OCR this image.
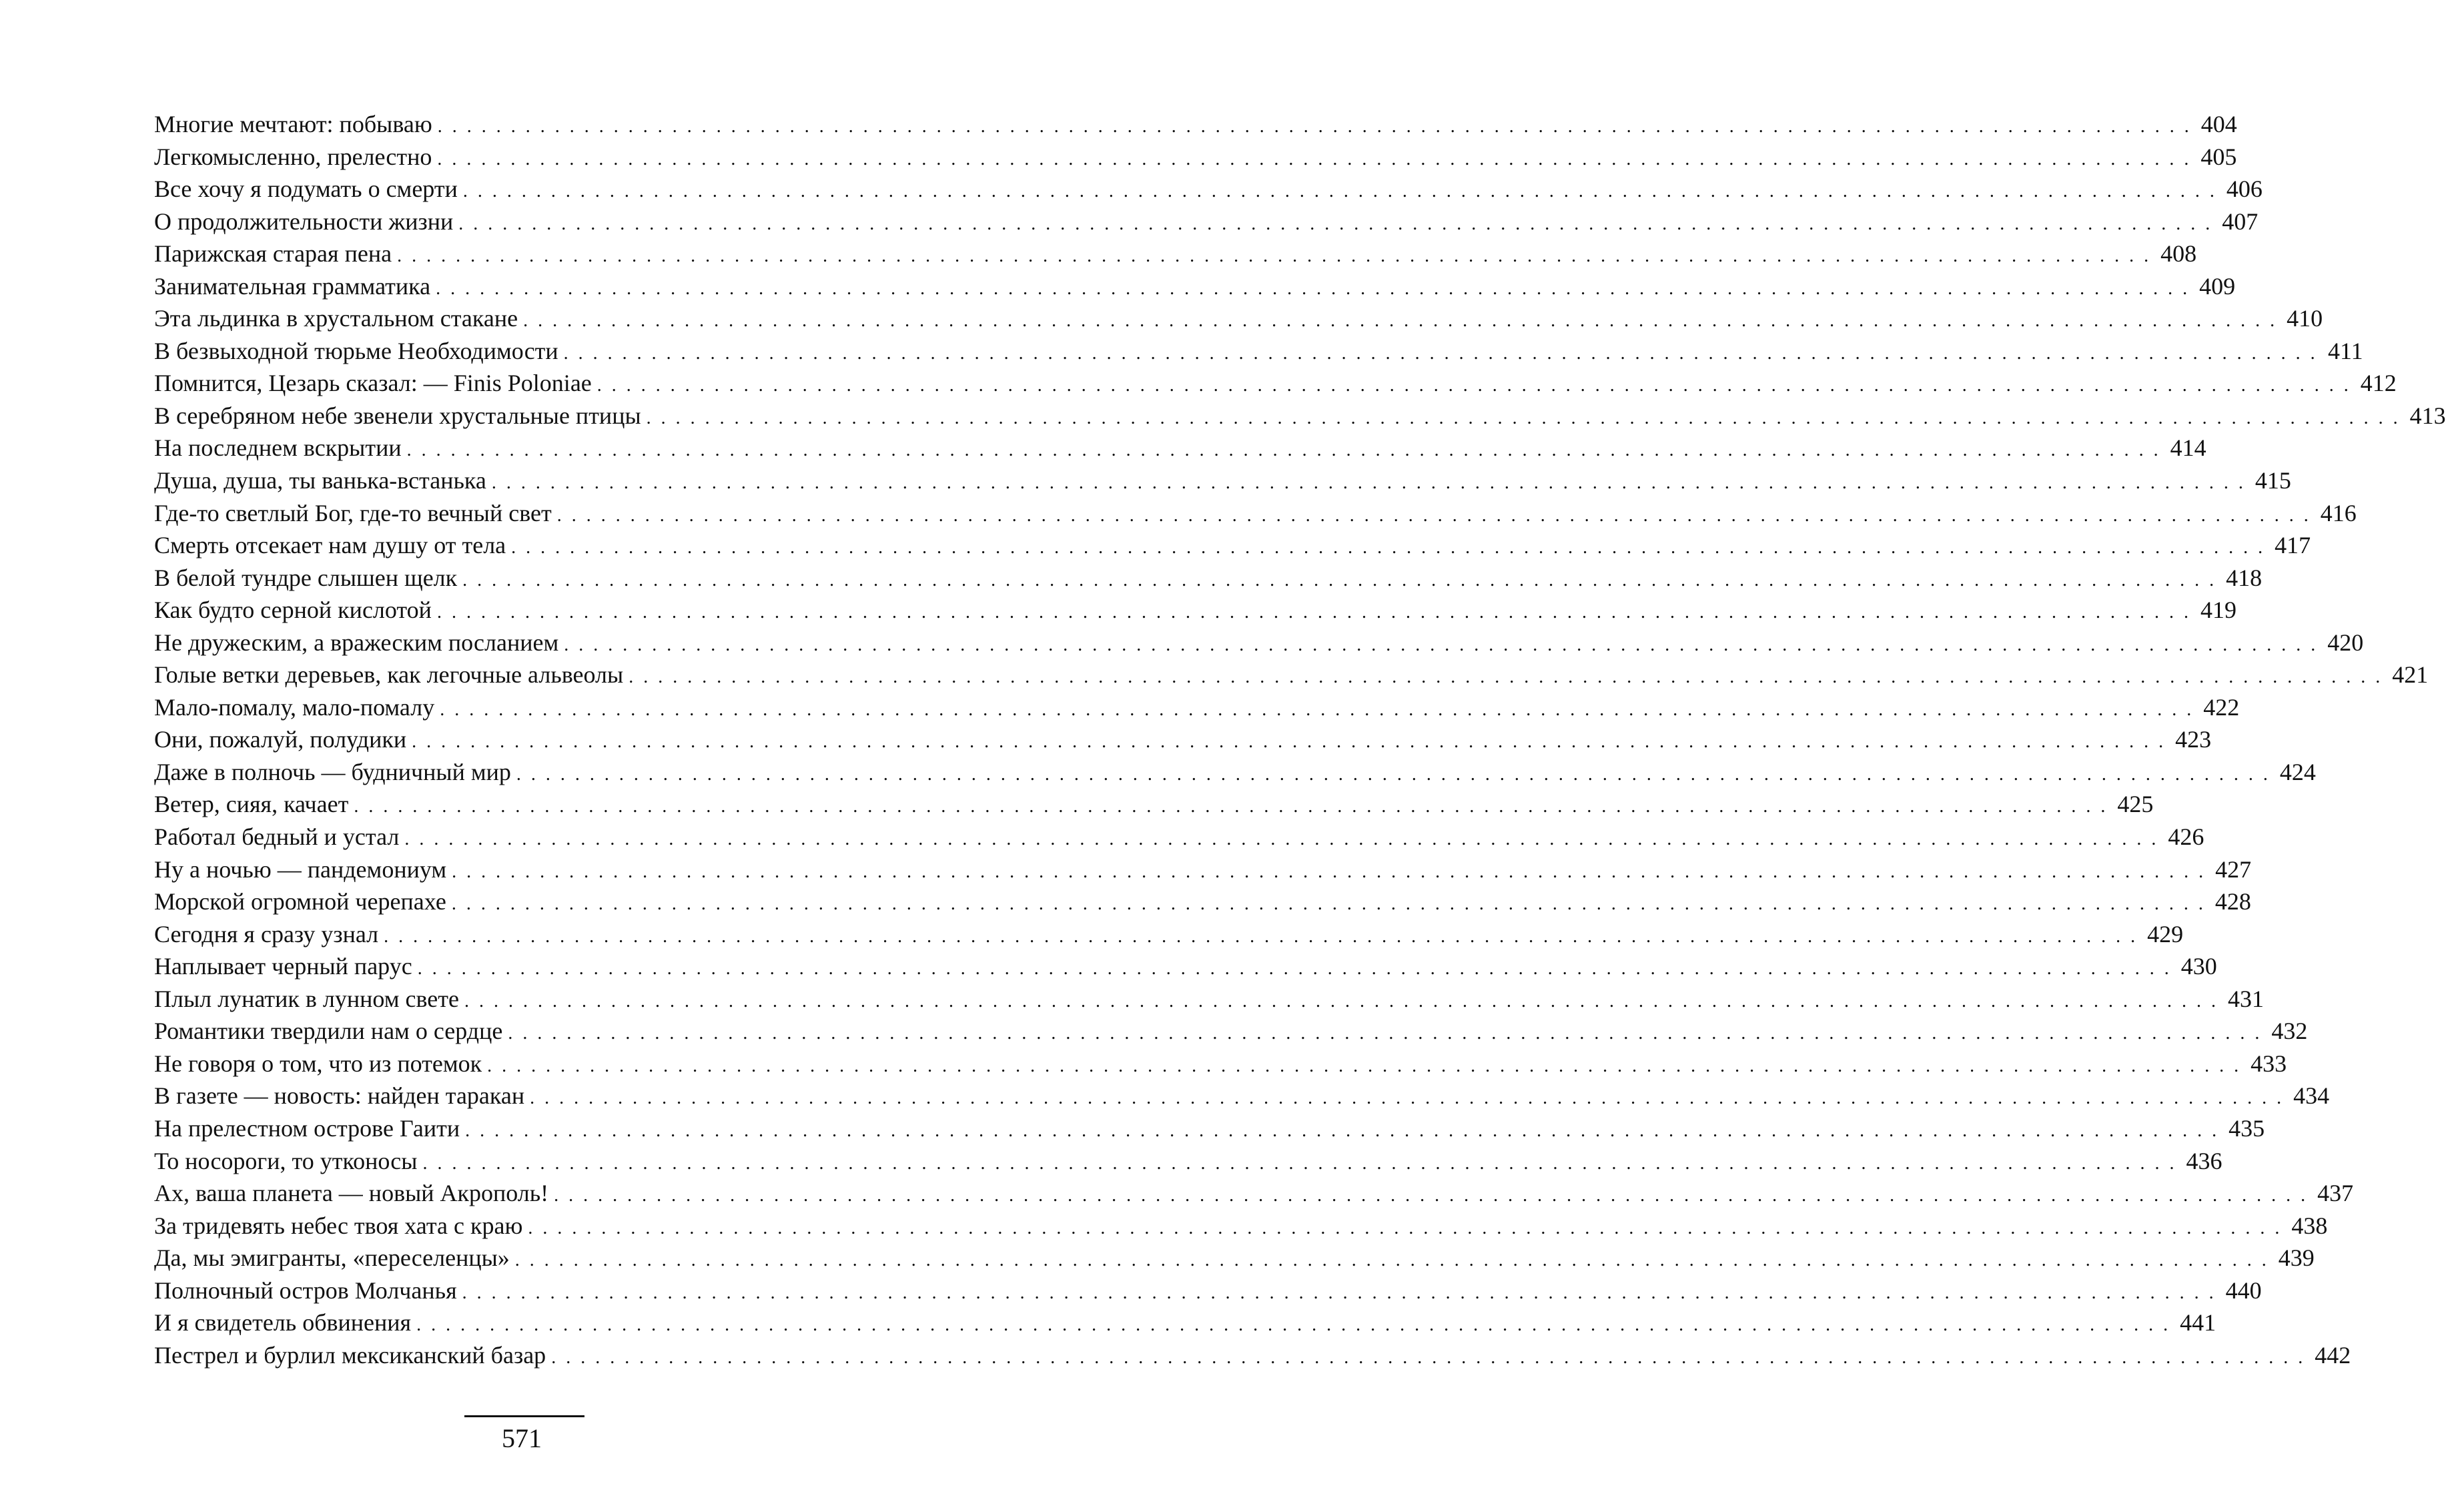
Многие мечтают: побываю . . . . . . . . . . . . . . . . . . . . . . . . . . . . . . . . . . . . . . . . . . . . . . . . . . . . . . . . . . . . . . . . . . . . . . . . . . . . . . . . . . . . . . . . . . . . . . . . . . . . . . . . . . . . . . . . . . . . . . . . 404
Легкомысленно, прелестно . . . . . . . . . . . . . . . . . . . . . . . . . . . . . . . . . . . . . . . . . . . . . . . . . . . . . . . . . . . . . . . . . . . . . . . . . . . . . . . . . . . . . . . . . . . . . . . . . . . . . . . . . . . . . . . . . . . . . . . . 405
Все хочу я подумать о смерти . . . . . . . . . . . . . . . . . . . . . . . . . . . . . . . . . . . . . . . . . . . . . . . . . . . . . . . . . . . . . . . . . . . . . . . . . . . . . . . . . . . . . . . . . . . . . . . . . . . . . . . . . . . . . . . . . . . . . . . . 406
О продолжительности жизни . . . . . . . . . . . . . . . . . . . . . . . . . . . . . . . . . . . . . . . . . . . . . . . . . . . . . . . . . . . . . . . . . . . . . . . . . . . . . . . . . . . . . . . . . . . . . . . . . . . . . . . . . . . . . . . . . . . . . . . . 407
Парижская старая пена . . . . . . . . . . . . . . . . . . . . . . . . . . . . . . . . . . . . . . . . . . . . . . . . . . . . . . . . . . . . . . . . . . . . . . . . . . . . . . . . . . . . . . . . . . . . . . . . . . . . . . . . . . . . . . . . . . . . . . . . 408
Занимательная грамматика . . . . . . . . . . . . . . . . . . . . . . . . . . . . . . . . . . . . . . . . . . . . . . . . . . . . . . . . . . . . . . . . . . . . . . . . . . . . . . . . . . . . . . . . . . . . . . . . . . . . . . . . . . . . . . . . . . . . . . . . 409
Эта льдинка в хрустальном стакане . . . . . . . . . . . . . . . . . . . . . . . . . . . . . . . . . . . . . . . . . . . . . . . . . . . . . . . . . . . . . . . . . . . . . . . . . . . . . . . . . . . . . . . . . . . . . . . . . . . . . . . . . . . . . . . . . . . . . . . . 410
В безвыходной тюрьме Необходимости . . . . . . . . . . . . . . . . . . . . . . . . . . . . . . . . . . . . . . . . . . . . . . . . . . . . . . . . . . . . . . . . . . . . . . . . . . . . . . . . . . . . . . . . . . . . . . . . . . . . . . . . . . . . . . . . . . . . . . . . 411
Помнится, Цезарь сказал: — Finis Poloniae . . . . . . . . . . . . . . . . . . . . . . . . . . . . . . . . . . . . . . . . . . . . . . . . . . . . . . . . . . . . . . . . . . . . . . . . . . . . . . . . . . . . . . . . . . . . . . . . . . . . . . . . . . . . . . . . . . . . . . . . 412
В серебряном небе звенели хрустальные птицы . . . . . . . . . . . . . . . . . . . . . . . . . . . . . . . . . . . . . . . . . . . . . . . . . . . . . . . . . . . . . . . . . . . . . . . . . . . . . . . . . . . . . . . . . . . . . . . . . . . . . . . . . . . . . . . . . . . . . . . . 413
На последнем вскрытии . . . . . . . . . . . . . . . . . . . . . . . . . . . . . . . . . . . . . . . . . . . . . . . . . . . . . . . . . . . . . . . . . . . . . . . . . . . . . . . . . . . . . . . . . . . . . . . . . . . . . . . . . . . . . . . . . . . . . . . . 414
Душа, душа, ты ванька-встанька . . . . . . . . . . . . . . . . . . . . . . . . . . . . . . . . . . . . . . . . . . . . . . . . . . . . . . . . . . . . . . . . . . . . . . . . . . . . . . . . . . . . . . . . . . . . . . . . . . . . . . . . . . . . . . . . . . . . . . . . 415
Где-то светлый Бог, где-то вечный свет . . . . . . . . . . . . . . . . . . . . . . . . . . . . . . . . . . . . . . . . . . . . . . . . . . . . . . . . . . . . . . . . . . . . . . . . . . . . . . . . . . . . . . . . . . . . . . . . . . . . . . . . . . . . . . . . . . . . . . . . 416
Смерть отсекает нам душу от тела . . . . . . . . . . . . . . . . . . . . . . . . . . . . . . . . . . . . . . . . . . . . . . . . . . . . . . . . . . . . . . . . . . . . . . . . . . . . . . . . . . . . . . . . . . . . . . . . . . . . . . . . . . . . . . . . . . . . . . . . 417
В белой тундре слышен щелк . . . . . . . . . . . . . . . . . . . . . . . . . . . . . . . . . . . . . . . . . . . . . . . . . . . . . . . . . . . . . . . . . . . . . . . . . . . . . . . . . . . . . . . . . . . . . . . . . . . . . . . . . . . . . . . . . . . . . . . . 418
Как будто серной кислотой . . . . . . . . . . . . . . . . . . . . . . . . . . . . . . . . . . . . . . . . . . . . . . . . . . . . . . . . . . . . . . . . . . . . . . . . . . . . . . . . . . . . . . . . . . . . . . . . . . . . . . . . . . . . . . . . . . . . . . . . 419
Не дружеским, а вражеским посланием . . . . . . . . . . . . . . . . . . . . . . . . . . . . . . . . . . . . . . . . . . . . . . . . . . . . . . . . . . . . . . . . . . . . . . . . . . . . . . . . . . . . . . . . . . . . . . . . . . . . . . . . . . . . . . . . . . . . . . . . 420
Голые ветки деревьев, как легочные альвеолы . . . . . . . . . . . . . . . . . . . . . . . . . . . . . . . . . . . . . . . . . . . . . . . . . . . . . . . . . . . . . . . . . . . . . . . . . . . . . . . . . . . . . . . . . . . . . . . . . . . . . . . . . . . . . . . . . . . . . . . . 421
Мало-помалу, мало-помалу . . . . . . . . . . . . . . . . . . . . . . . . . . . . . . . . . . . . . . . . . . . . . . . . . . . . . . . . . . . . . . . . . . . . . . . . . . . . . . . . . . . . . . . . . . . . . . . . . . . . . . . . . . . . . . . . . . . . . . . . 422
Они, пожалуй, полудики . . . . . . . . . . . . . . . . . . . . . . . . . . . . . . . . . . . . . . . . . . . . . . . . . . . . . . . . . . . . . . . . . . . . . . . . . . . . . . . . . . . . . . . . . . . . . . . . . . . . . . . . . . . . . . . . . . . . . . . . 423
Даже в полночь — будничный мир . . . . . . . . . . . . . . . . . . . . . . . . . . . . . . . . . . . . . . . . . . . . . . . . . . . . . . . . . . . . . . . . . . . . . . . . . . . . . . . . . . . . . . . . . . . . . . . . . . . . . . . . . . . . . . . . . . . . . . . . 424
Ветер, сияя, качает . . . . . . . . . . . . . . . . . . . . . . . . . . . . . . . . . . . . . . . . . . . . . . . . . . . . . . . . . . . . . . . . . . . . . . . . . . . . . . . . . . . . . . . . . . . . . . . . . . . . . . . . . . . . . . . . . . . . . . . . 425
Работал бедный и устал . . . . . . . . . . . . . . . . . . . . . . . . . . . . . . . . . . . . . . . . . . . . . . . . . . . . . . . . . . . . . . . . . . . . . . . . . . . . . . . . . . . . . . . . . . . . . . . . . . . . . . . . . . . . . . . . . . . . . . . . 426
Ну а ночью — пандемониум . . . . . . . . . . . . . . . . . . . . . . . . . . . . . . . . . . . . . . . . . . . . . . . . . . . . . . . . . . . . . . . . . . . . . . . . . . . . . . . . . . . . . . . . . . . . . . . . . . . . . . . . . . . . . . . . . . . . . . . . 427
Морской огромной черепахе . . . . . . . . . . . . . . . . . . . . . . . . . . . . . . . . . . . . . . . . . . . . . . . . . . . . . . . . . . . . . . . . . . . . . . . . . . . . . . . . . . . . . . . . . . . . . . . . . . . . . . . . . . . . . . . . . . . . . . . . 428
Сегодня я сразу узнал . . . . . . . . . . . . . . . . . . . . . . . . . . . . . . . . . . . . . . . . . . . . . . . . . . . . . . . . . . . . . . . . . . . . . . . . . . . . . . . . . . . . . . . . . . . . . . . . . . . . . . . . . . . . . . . . . . . . . . . . 429
Наплывает черный парус . . . . . . . . . . . . . . . . . . . . . . . . . . . . . . . . . . . . . . . . . . . . . . . . . . . . . . . . . . . . . . . . . . . . . . . . . . . . . . . . . . . . . . . . . . . . . . . . . . . . . . . . . . . . . . . . . . . . . . . . 430
Плыл лунатик в лунном свете . . . . . . . . . . . . . . . . . . . . . . . . . . . . . . . . . . . . . . . . . . . . . . . . . . . . . . . . . . . . . . . . . . . . . . . . . . . . . . . . . . . . . . . . . . . . . . . . . . . . . . . . . . . . . . . . . . . . . . . . 431
Романтики твердили нам о сердце . . . . . . . . . . . . . . . . . . . . . . . . . . . . . . . . . . . . . . . . . . . . . . . . . . . . . . . . . . . . . . . . . . . . . . . . . . . . . . . . . . . . . . . . . . . . . . . . . . . . . . . . . . . . . . . . . . . . . . . . 432
Не говоря о том, что из потемок . . . . . . . . . . . . . . . . . . . . . . . . . . . . . . . . . . . . . . . . . . . . . . . . . . . . . . . . . . . . . . . . . . . . . . . . . . . . . . . . . . . . . . . . . . . . . . . . . . . . . . . . . . . . . . . . . . . . . . . . 433
В газете — новость: найден таракан . . . . . . . . . . . . . . . . . . . . . . . . . . . . . . . . . . . . . . . . . . . . . . . . . . . . . . . . . . . . . . . . . . . . . . . . . . . . . . . . . . . . . . . . . . . . . . . . . . . . . . . . . . . . . . . . . . . . . . . . 434
На прелестном острове Гаити . . . . . . . . . . . . . . . . . . . . . . . . . . . . . . . . . . . . . . . . . . . . . . . . . . . . . . . . . . . . . . . . . . . . . . . . . . . . . . . . . . . . . . . . . . . . . . . . . . . . . . . . . . . . . . . . . . . . . . . . 435
То носороги, то утконосы . . . . . . . . . . . . . . . . . . . . . . . . . . . . . . . . . . . . . . . . . . . . . . . . . . . . . . . . . . . . . . . . . . . . . . . . . . . . . . . . . . . . . . . . . . . . . . . . . . . . . . . . . . . . . . . . . . . . . . . . 436
Ах, ваша планета — новый Акрополь! . . . . . . . . . . . . . . . . . . . . . . . . . . . . . . . . . . . . . . . . . . . . . . . . . . . . . . . . . . . . . . . . . . . . . . . . . . . . . . . . . . . . . . . . . . . . . . . . . . . . . . . . . . . . . . . . . . . . . . . . 437
За тридевять небес твоя хата с краю . . . . . . . . . . . . . . . . . . . . . . . . . . . . . . . . . . . . . . . . . . . . . . . . . . . . . . . . . . . . . . . . . . . . . . . . . . . . . . . . . . . . . . . . . . . . . . . . . . . . . . . . . . . . . . . . . . . . . . . . 438
Да, мы эмигранты, «переселенцы» . . . . . . . . . . . . . . . . . . . . . . . . . . . . . . . . . . . . . . . . . . . . . . . . . . . . . . . . . . . . . . . . . . . . . . . . . . . . . . . . . . . . . . . . . . . . . . . . . . . . . . . . . . . . . . . . . . . . . . . . 439
Полночный остров Молчанья . . . . . . . . . . . . . . . . . . . . . . . . . . . . . . . . . . . . . . . . . . . . . . . . . . . . . . . . . . . . . . . . . . . . . . . . . . . . . . . . . . . . . . . . . . . . . . . . . . . . . . . . . . . . . . . . . . . . . . . . 440
И я свидетель обвинения . . . . . . . . . . . . . . . . . . . . . . . . . . . . . . . . . . . . . . . . . . . . . . . . . . . . . . . . . . . . . . . . . . . . . . . . . . . . . . . . . . . . . . . . . . . . . . . . . . . . . . . . . . . . . . . . . . . . . . . . 441
Пестрел и бурлил мексиканский базар . . . . . . . . . . . . . . . . . . . . . . . . . . . . . . . . . . . . . . . . . . . . . . . . . . . . . . . . . . . . . . . . . . . . . . . . . . . . . . . . . . . . . . . . . . . . . . . . . . . . . . . . . . . . . . . . . . . . . . . . 442
571
